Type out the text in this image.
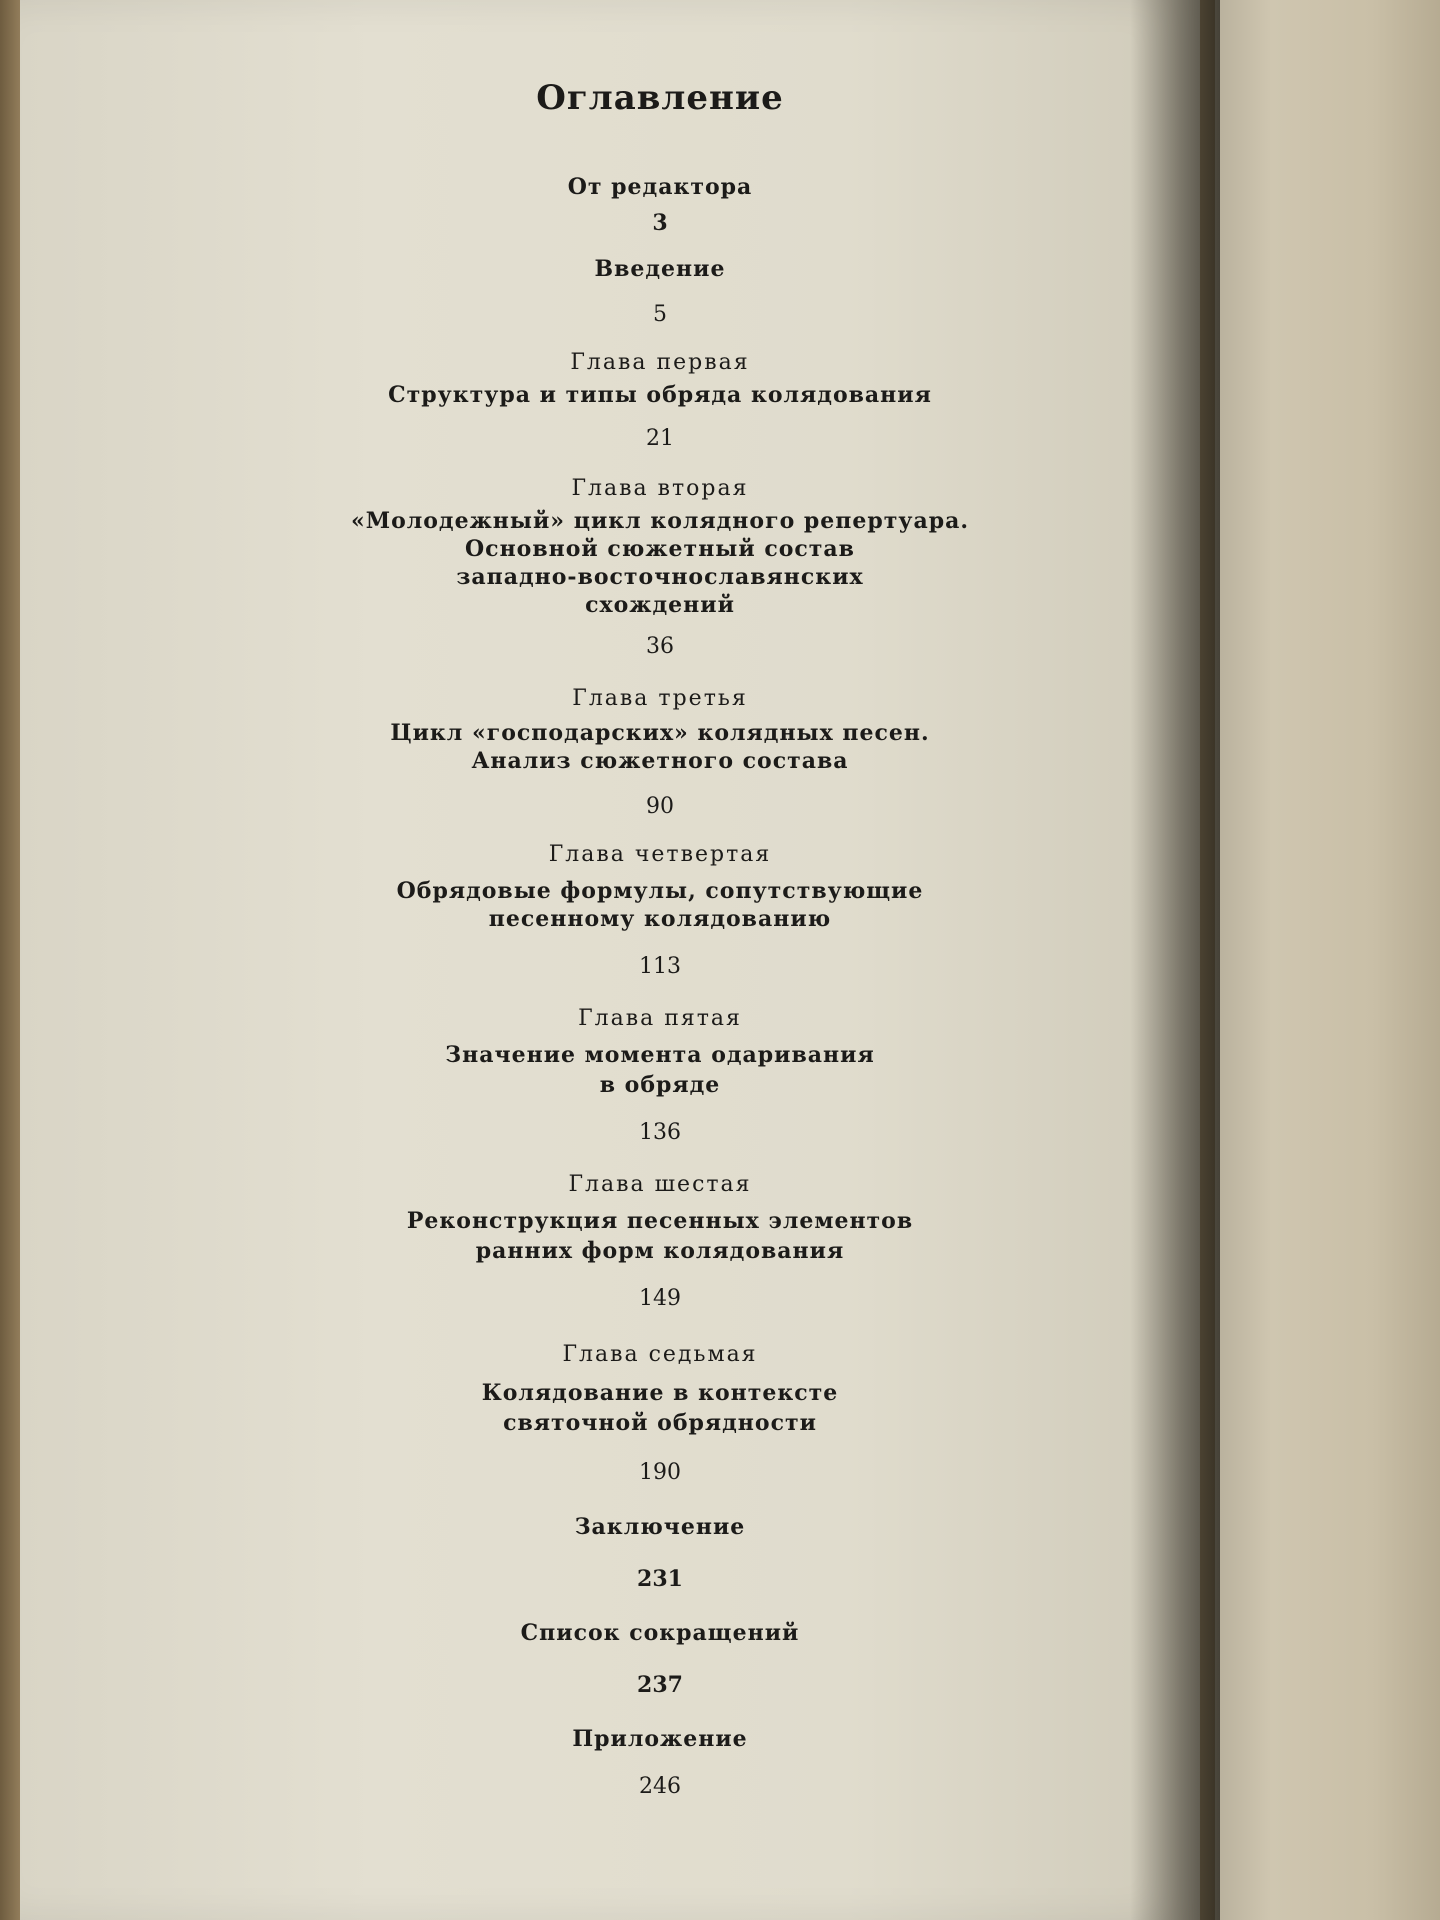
Оглавление
От редактора
3
Введение
5
Глава первая
Структура и типы обряда колядования
21
Глава вторая
«Молодежный» цикл колядного репертуара.
Основной сюжетный состав
западно-восточнославянских
схождений
36
Глава третья
Цикл «господарских» колядных песен.
Анализ сюжетного состава
90
Глава четвертая
Обрядовые формулы, сопутствующие
песенному колядованию
113
Глава пятая
Значение момента одаривания
в обряде
136
Глава шестая
Реконструкция песенных элементов
ранних форм колядования
149
Глава седьмая
Колядование в контексте
святочной обрядности
190
Заключение
231
Список сокращений
237
Приложение
246
